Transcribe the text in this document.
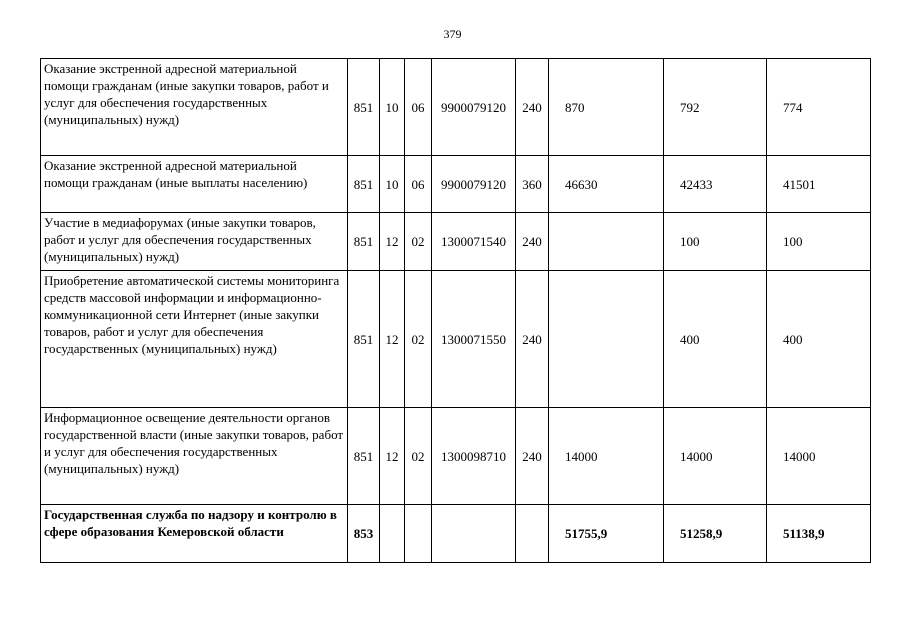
379
Оказание экстренной адресной материальной помощи гражданам (иные закупки товаров, работ и услуг для обеспечения государственных (муниципальных) нужд)	851	10	06	9900079120	240	870	792	774
Оказание экстренной адресной материальной помощи гражданам (иные выплаты населению)	851	10	06	9900079120	360	46630	42433	41501
Участие в медиафорумах (иные закупки товаров, работ и услуг для обеспечения государственных (муниципальных) нужд)	851	12	02	1300071540	240		100	100
Приобретение автоматической системы мониторинга средств массовой информации и информационно-коммуникационной сети Интернет (иные закупки товаров, работ и услуг для обеспечения государственных (муниципальных) нужд)	851	12	02	1300071550	240		400	400
Информационное освещение деятельности органов государственной власти (иные закупки товаров, работ и услуг для обеспечения государственных (муниципальных) нужд)	851	12	02	1300098710	240	14000	14000	14000
Государственная служба по надзору и контролю в сфере образования Кемеровской области	853					51755,9	51258,9	51138,9
